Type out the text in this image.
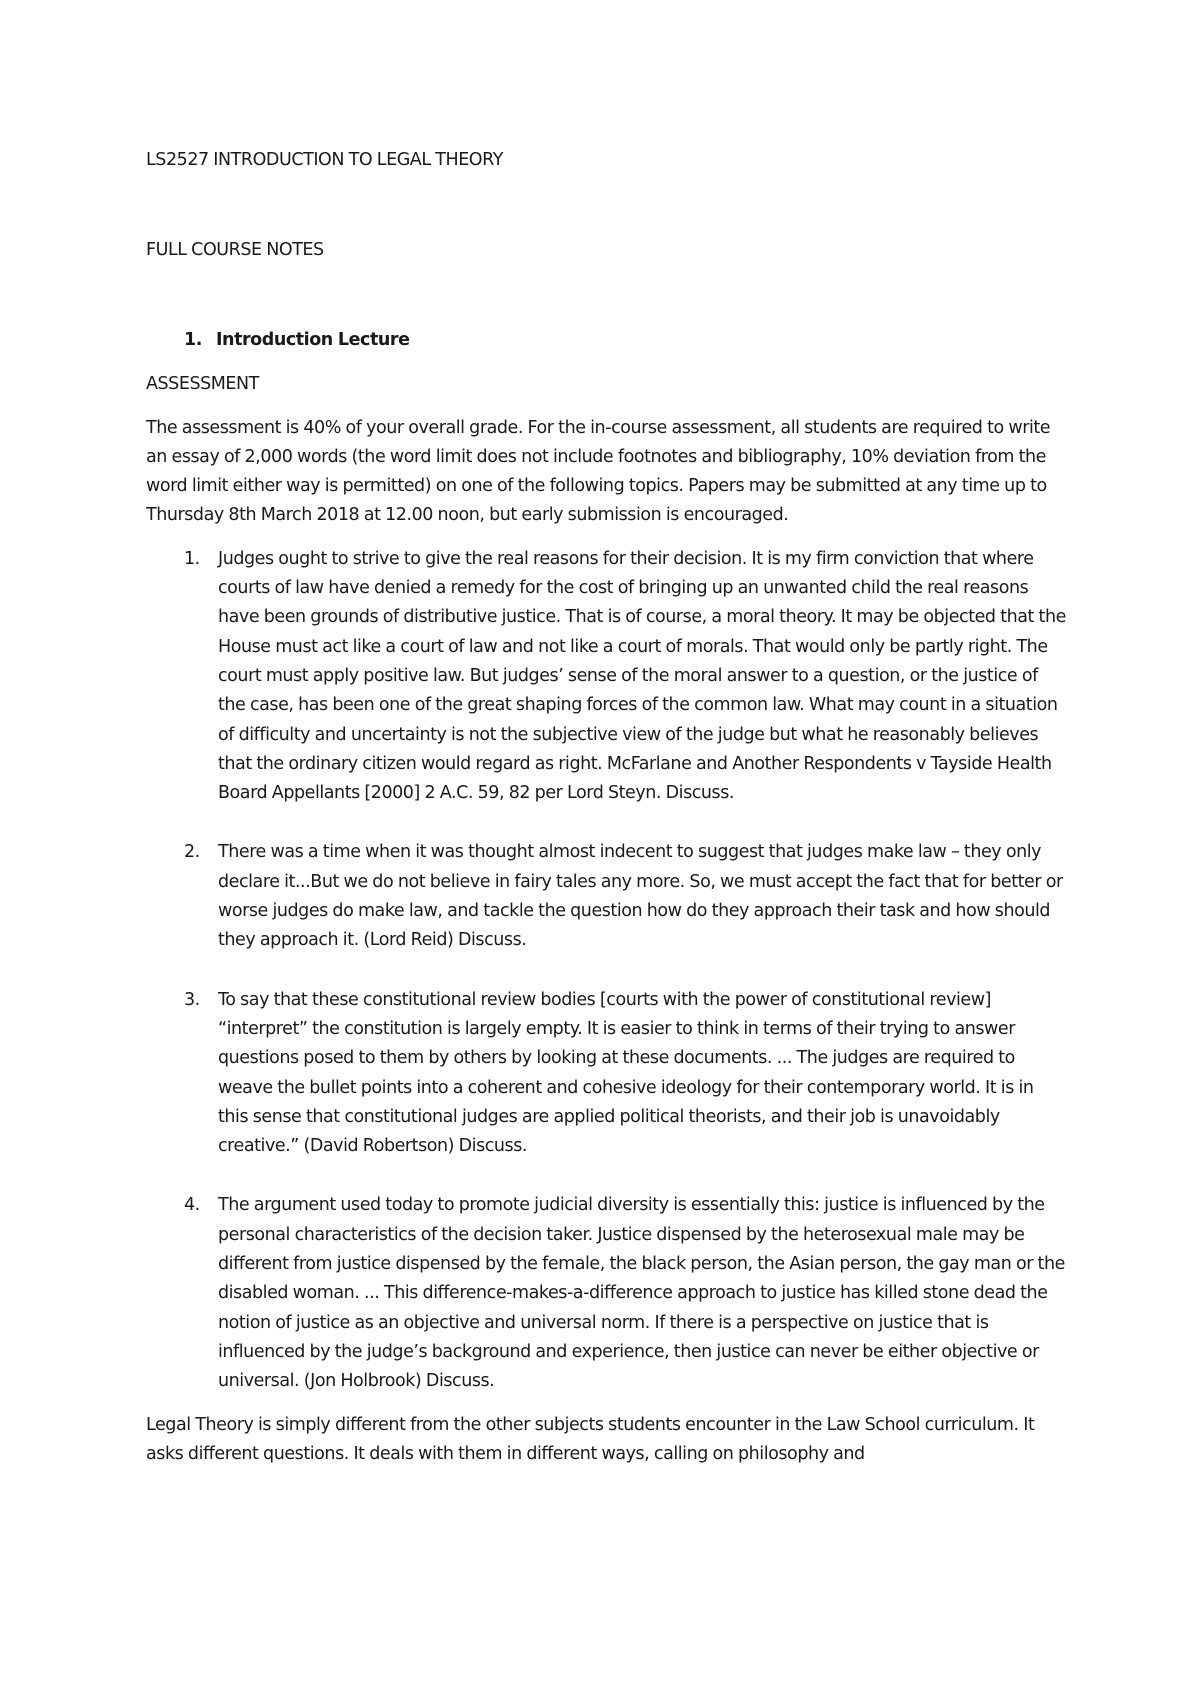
LS2527 INTRODUCTION TO LEGAL THEORY

FULL COURSE NOTES

1. Introduction Lecture

ASSESSMENT

The assessment is 40% of your overall grade. For the in-course assessment, all students are required to write an essay of 2,000 words (the word limit does not include footnotes and bibliography, 10% deviation from the word limit either way is permitted) on one of the following topics. Papers may be submitted at any time up to Thursday 8th March 2018 at 12.00 noon, but early submission is encouraged.

1. Judges ought to strive to give the real reasons for their decision. It is my firm conviction that where courts of law have denied a remedy for the cost of bringing up an unwanted child the real reasons have been grounds of distributive justice. That is of course, a moral theory. It may be objected that the House must act like a court of law and not like a court of morals. That would only be partly right. The court must apply positive law. But judges’ sense of the moral answer to a question, or the justice of the case, has been one of the great shaping forces of the common law. What may count in a situation of difficulty and uncertainty is not the subjective view of the judge but what he reasonably believes that the ordinary citizen would regard as right. McFarlane and Another Respondents v Tayside Health Board Appellants [2000] 2 A.C. 59, 82 per Lord Steyn. Discuss.
2. There was a time when it was thought almost indecent to suggest that judges make law – they only declare it...But we do not believe in fairy tales any more. So, we must accept the fact that for better or worse judges do make law, and tackle the question how do they approach their task and how should they approach it. (Lord Reid) Discuss.
3. To say that these constitutional review bodies [courts with the power of constitutional review] “interpret” the constitution is largely empty. It is easier to think in terms of their trying to answer questions posed to them by others by looking at these documents. ... The judges are required to weave the bullet points into a coherent and cohesive ideology for their contemporary world. It is in this sense that constitutional judges are applied political theorists, and their job is unavoidably creative.” (David Robertson) Discuss.
4. The argument used today to promote judicial diversity is essentially this: justice is influenced by the personal characteristics of the decision taker. Justice dispensed by the heterosexual male may be different from justice dispensed by the female, the black person, the Asian person, the gay man or the disabled woman. ... This difference-makes-a-difference approach to justice has killed stone dead the notion of justice as an objective and universal norm. If there is a perspective on justice that is influenced by the judge’s background and experience, then justice can never be either objective or universal. (Jon Holbrook) Discuss.

Legal Theory is simply different from the other subjects students encounter in the Law School curriculum. It asks different questions. It deals with them in different ways, calling on philosophy and
